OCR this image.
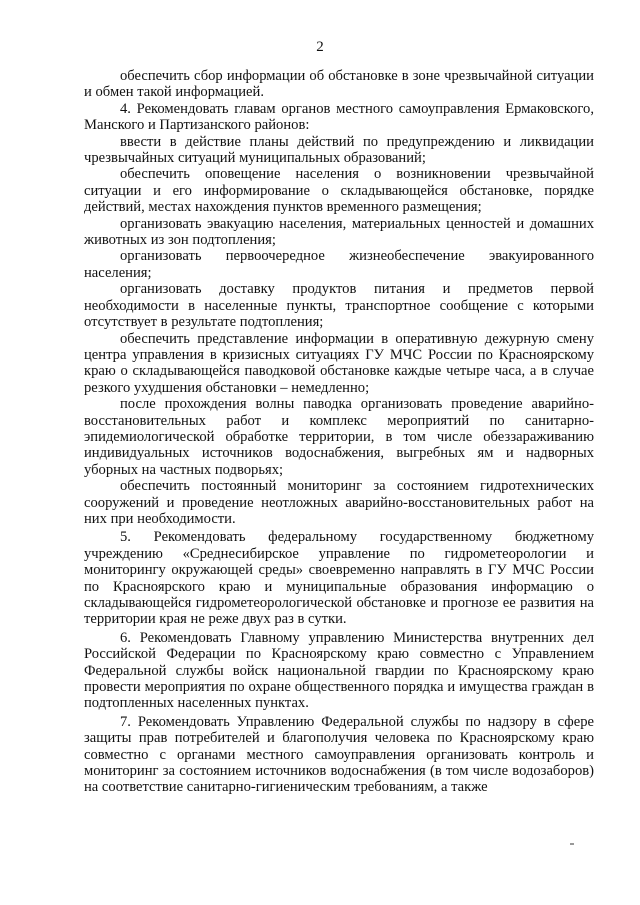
2

обеспечить сбор информации об обстановке в зоне чрезвычайной ситуации и обмен такой информацией.

4. Рекомендовать главам органов местного самоуправления Ермаковского, Манского и Партизанского районов:

ввести в действие планы действий по предупреждению и ликвидации чрезвычайных ситуаций муниципальных образований;

обеспечить оповещение населения о возникновении чрезвычайной ситуации и его информирование о складывающейся обстановке, порядке действий, местах нахождения пунктов временного размещения;

организовать эвакуацию населения, материальных ценностей и домашних животных из зон подтопления;

организовать первоочередное жизнеобеспечение эвакуированного населения;

организовать доставку продуктов питания и предметов первой необходимости в населенные пункты, транспортное сообщение с которыми отсутствует в результате подтопления;

обеспечить представление информации в оперативную дежурную смену центра управления в кризисных ситуациях ГУ МЧС России по Красноярскому краю о складывающейся паводковой обстановке каждые четыре часа, а в случае резкого ухудшения обстановки – немедленно;

после прохождения волны паводка организовать проведение аварийно-восстановительных работ и комплекс мероприятий по санитарно-эпидемиологической обработке территории, в том числе обеззараживанию индивидуальных источников водоснабжения, выгребных ям и надворных уборных на частных подворьях;

обеспечить постоянный мониторинг за состоянием гидротехнических сооружений и проведение неотложных аварийно-восстановительных работ на них при необходимости.

5. Рекомендовать федеральному государственному бюджетному учреждению «Среднесибирское управление по гидрометеорологии и мониторингу окружающей среды» своевременно направлять в ГУ МЧС России по Красноярского краю и муниципальные образования информацию о складывающейся гидрометеорологической обстановке и прогнозе ее развития на территории края не реже двух раз в сутки.

6. Рекомендовать Главному управлению Министерства внутренних дел Российской Федерации по Красноярскому краю совместно с Управлением Федеральной службы войск национальной гвардии по Красноярскому краю провести мероприятия по охране общественного порядка и имущества граждан в подтопленных населенных пунктах.

7. Рекомендовать Управлению Федеральной службы по надзору в сфере защиты прав потребителей и благополучия человека по Красноярскому краю совместно с органами местного самоуправления организовать контроль и мониторинг за состоянием источников водоснабжения (в том числе водозаборов) на соответствие санитарно-гигиеническим требованиям, а также
